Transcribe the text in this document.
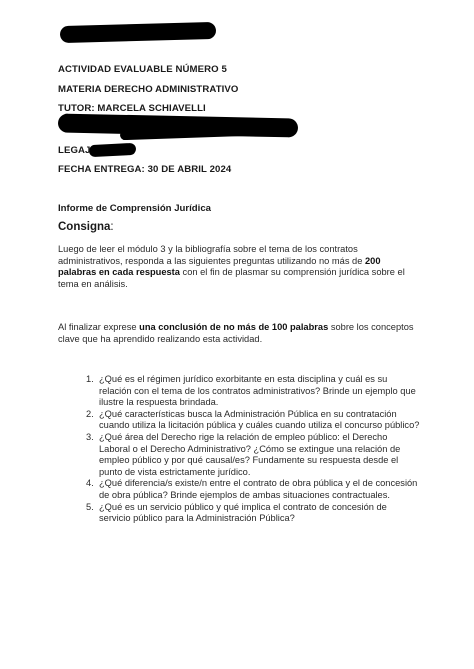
ACTIVIDAD EVALUABLE NÚMERO 5
MATERIA DERECHO ADMINISTRATIVO
TUTOR: MARCELA SCHIAVELLI
LEGAJ
FECHA ENTREGA: 30 DE ABRIL 2024
Informe de Comprensión Jurídica
Consigna:
Luego de leer el módulo 3 y la bibliografía sobre el tema de los contratos administrativos, responda a las siguientes preguntas utilizando no más de 200 palabras en cada respuesta con el fin de plasmar su comprensión jurídica sobre el tema en análisis.
Al finalizar exprese una conclusión de no más de 100 palabras sobre los conceptos clave que ha aprendido realizando esta actividad.
1. ¿Qué es el régimen jurídico exorbitante en esta disciplina y cuál es su relación con el tema de los contratos administrativos? Brinde un ejemplo que ilustre la respuesta brindada.
2. ¿Qué características busca la Administración Pública en su contratación cuando utiliza la licitación pública y cuáles cuando utiliza el concurso público?
3. ¿Qué área del Derecho rige la relación de empleo público: el Derecho Laboral o el Derecho Administrativo? ¿Cómo se extingue una relación de empleo público y por qué causal/es? Fundamente su respuesta desde el punto de vista estrictamente jurídico.
4. ¿Qué diferencia/s existe/n entre el contrato de obra pública y el de concesión de obra pública? Brinde ejemplos de ambas situaciones contractuales.
5. ¿Qué es un servicio público y qué implica el contrato de concesión de servicio público para la Administración Pública?
